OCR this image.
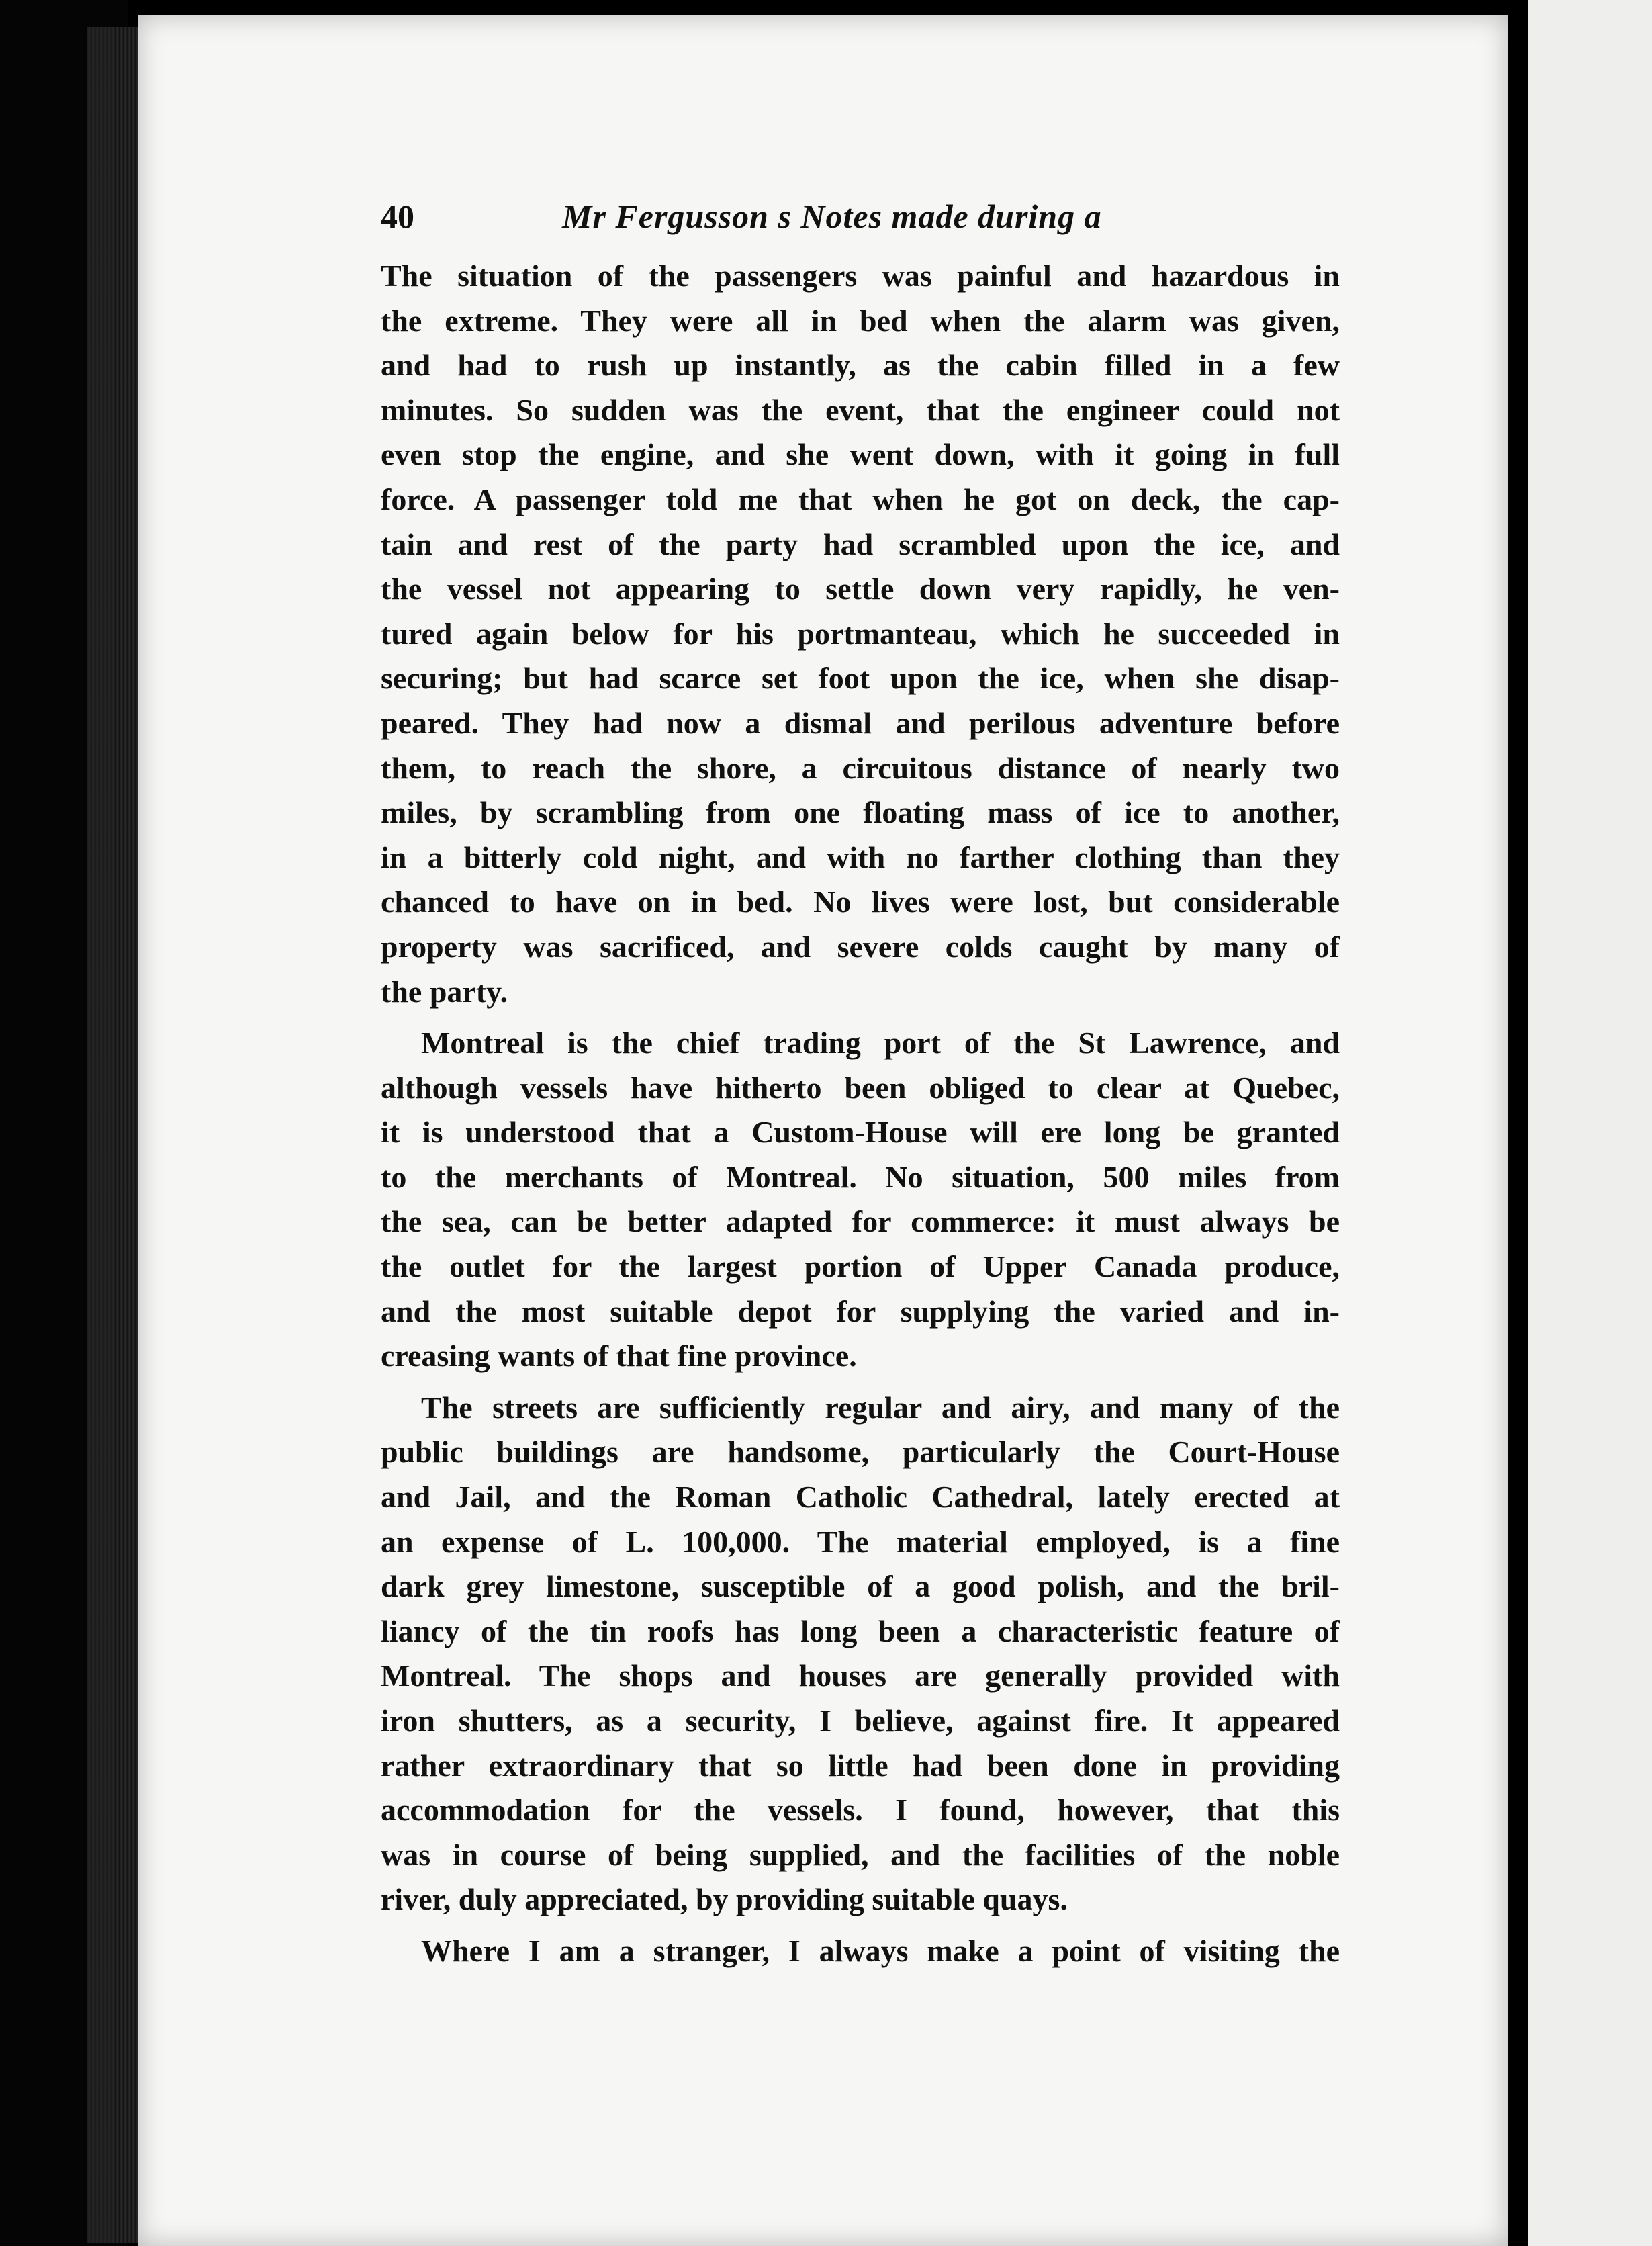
40	Mr Fergusson s Notes made during a
The situation of the passengers was painful and hazardous in
the extreme. They were all in bed when the alarm was given,
and had to rush up instantly, as the cabin filled in a few
minutes. So sudden was the event, that the engineer could not
even stop the engine, and she went down, with it going in full
force. A passenger told me that when he got on deck, the cap-
tain and rest of the party had scrambled upon the ice, and
the vessel not appearing to settle down very rapidly, he ven-
tured again below for his portmanteau, which he succeeded in
securing; but had scarce set foot upon the ice, when she disap-
peared. They had now a dismal and perilous adventure before
them, to reach the shore, a circuitous distance of nearly two
miles, by scrambling from one floating mass of ice to another,
in a bitterly cold night, and with no farther clothing than they
chanced to have on in bed. No lives were lost, but considerable
property was sacrificed, and severe colds caught by many of
the party.
Montreal is the chief trading port of the St Lawrence, and
although vessels have hitherto been obliged to clear at Quebec,
it is understood that a Custom-House will ere long be granted
to the merchants of Montreal. No situation, 500 miles from
the sea, can be better adapted for commerce: it must always be
the outlet for the largest portion of Upper Canada produce,
and the most suitable depot for supplying the varied and in-
creasing wants of that fine province.
The streets are sufficiently regular and airy, and many of the
public buildings are handsome, particularly the Court-House
and Jail, and the Roman Catholic Cathedral, lately erected at
an expense of L. 100,000. The material employed, is a fine
dark grey limestone, susceptible of a good polish, and the bril-
liancy of the tin roofs has long been a characteristic feature of
Montreal. The shops and houses are generally provided with
iron shutters, as a security, I believe, against fire. It appeared
rather extraordinary that so little had been done in providing
accommodation for the vessels. I found, however, that this
was in course of being supplied, and the facilities of the noble
river, duly appreciated, by providing suitable quays.
Where I am a stranger, I always make a point of visiting the
